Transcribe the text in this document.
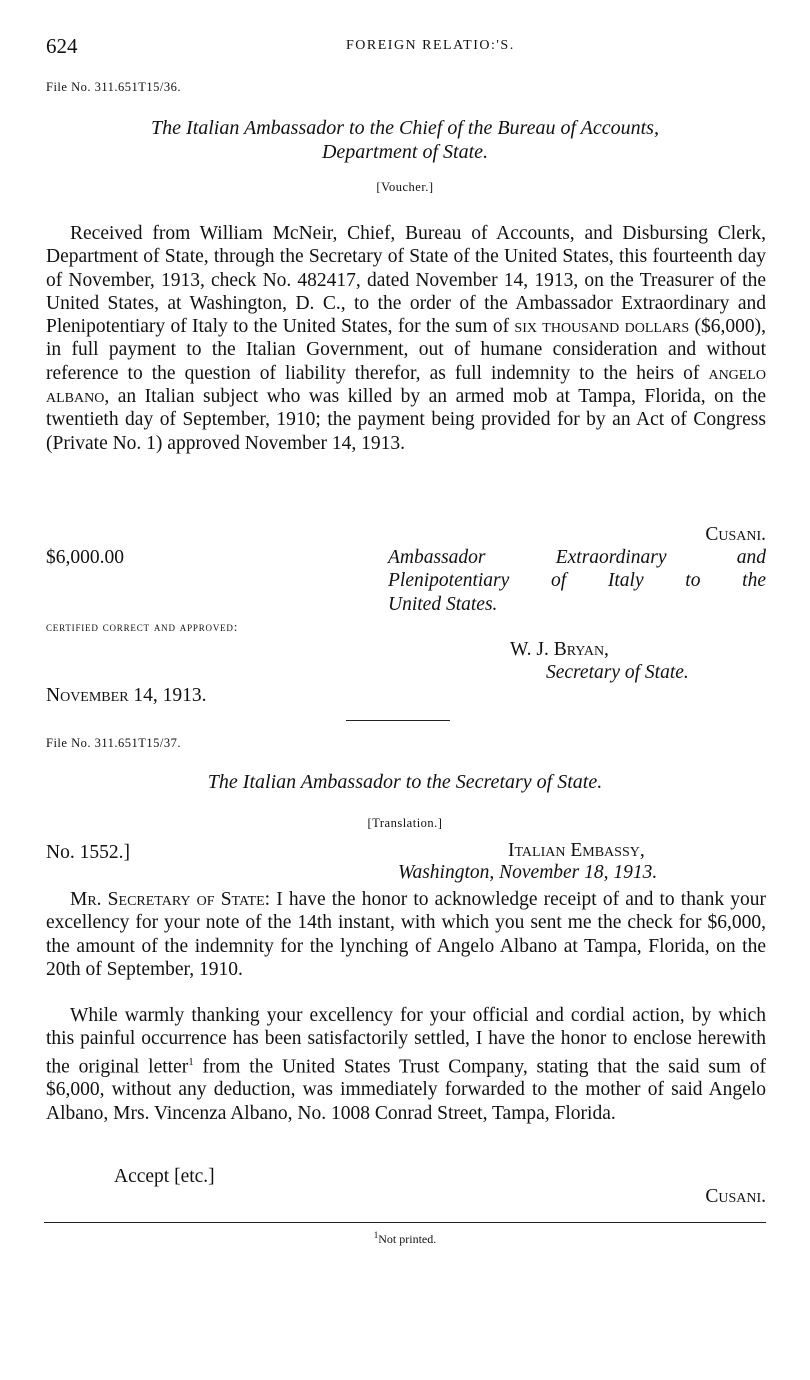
624	FOREIGN RELATIO:'S.
File No. 311.651T15/36.
The Italian Ambassador to the Chief of the Bureau of Accounts,
Department of State.
[Voucher.]
Received from William McNeir, Chief, Bureau of Accounts, and Disbursing Clerk, Department of State, through the Secretary of State of the United States, this fourteenth day of November, 1913, check No. 482417, dated November 14, 1913, on the Treasurer of the United States, at Washington, D. C., to the order of the Ambassador Extraordinary and Plenipotentiary of Italy to the United States, for the sum of six thousand dollars ($6,000), in full payment to the Italian Government, out of humane consideration and without reference to the question of liability therefor, as full indemnity to the heirs of angelo albano, an Italian subject who was killed by an armed mob at Tampa, Florida, on the twentieth day of September, 1910; the payment being provided for by an Act of Congress (Private No. 1) approved November 14, 1913.
Cusani.
$6,000.00	Ambassador Extraordinary and
Plenipotentiary of Italy to the
United States.
certified correct and approved:
W. J. Bryan,
Secretary of State.
November 14, 1913.
File No. 311.651T15/37.
The Italian Ambassador to the Secretary of State.
[Translation.]
No. 1552.]	Italian Embassy,
Washington, November 18, 1913.
Mr. Secretary of State: I have the honor to acknowledge receipt of and to thank your excellency for your note of the 14th instant, with which you sent me the check for $6,000, the amount of the indemnity for the lynching of Angelo Albano at Tampa, Florida, on the 20th of September, 1910.
While warmly thanking your excellency for your official and cordial action, by which this painful occurrence has been satisfactorily settled, I have the honor to enclose herewith the original letter$^1$ from the United States Trust Company, stating that the said sum of $6,000, without any deduction, was immediately forwarded to the mother of said Angelo Albano, Mrs. Vincenza Albano, No. 1008 Conrad Street, Tampa, Florida.
Accept [etc.]
Cusani.
$^1$Not printed.
